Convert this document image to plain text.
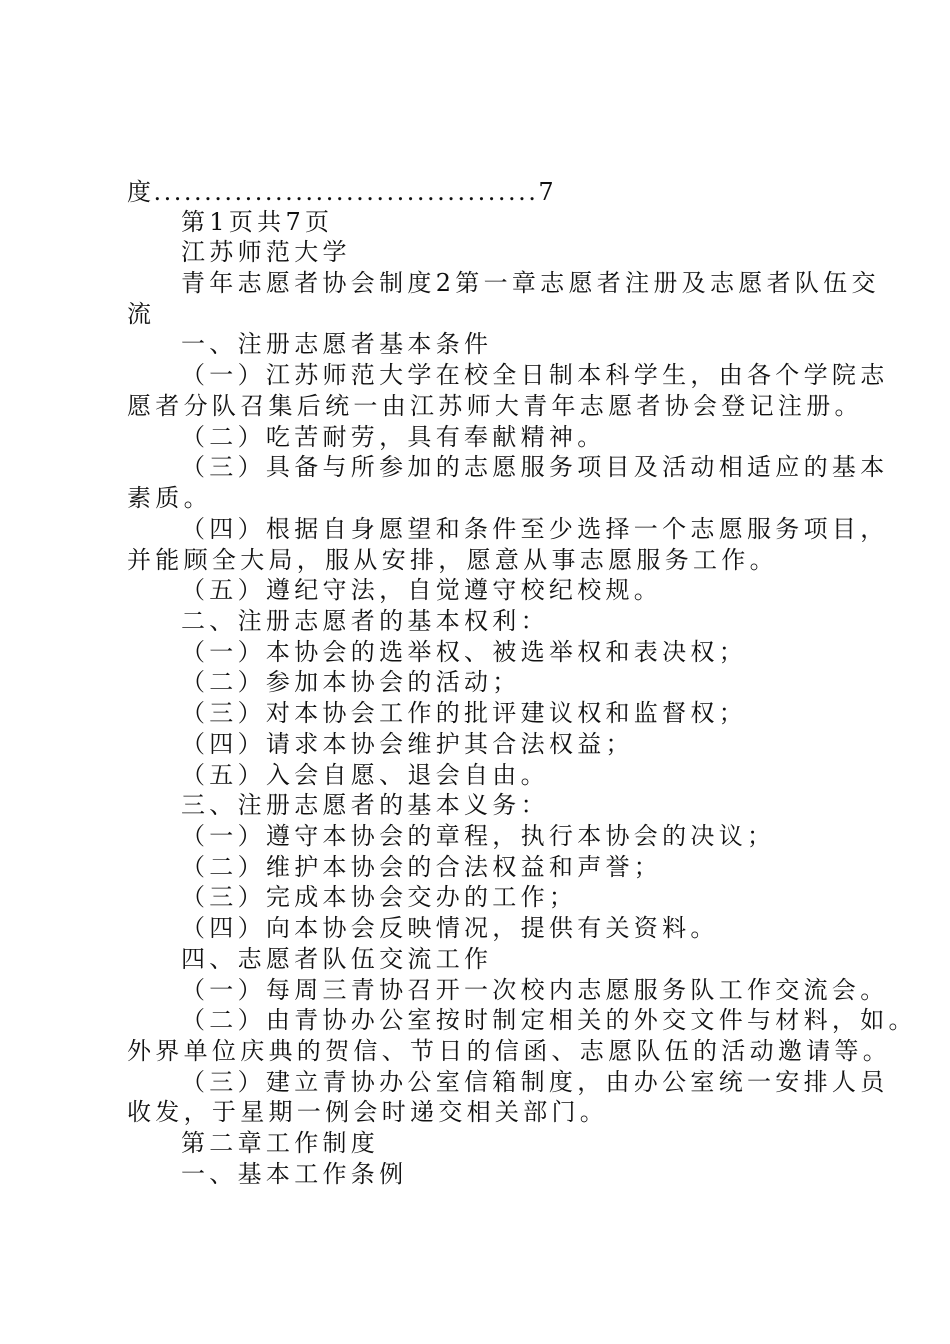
度......................................7
第1页共7页
江苏师范大学
青年志愿者协会制度2第一章志愿者注册及志愿者队伍交
流
一、注册志愿者基本条件
（一）江苏师范大学在校全日制本科学生，由各个学院志
愿者分队召集后统一由江苏师大青年志愿者协会登记注册。
（二）吃苦耐劳，具有奉献精神。
（三）具备与所参加的志愿服务项目及活动相适应的基本
素质。
（四）根据自身愿望和条件至少选择一个志愿服务项目，
并能顾全大局，服从安排，愿意从事志愿服务工作。
（五）遵纪守法，自觉遵守校纪校规。
二、注册志愿者的基本权利：
（一）本协会的选举权、被选举权和表决权；
（二）参加本协会的活动；
（三）对本协会工作的批评建议权和监督权；
（四）请求本协会维护其合法权益；
（五）入会自愿、退会自由。
三、注册志愿者的基本义务：
（一）遵守本协会的章程，执行本协会的决议；
（二）维护本协会的合法权益和声誉；
（三）完成本协会交办的工作；
（四）向本协会反映情况，提供有关资料。
四、志愿者队伍交流工作
（一）每周三青协召开一次校内志愿服务队工作交流会。
（二）由青协办公室按时制定相关的外交文件与材料，如。
外界单位庆典的贺信、节日的信函、志愿队伍的活动邀请等。
（三）建立青协办公室信箱制度，由办公室统一安排人员
收发，于星期一例会时递交相关部门。
第二章工作制度
一、基本工作条例
